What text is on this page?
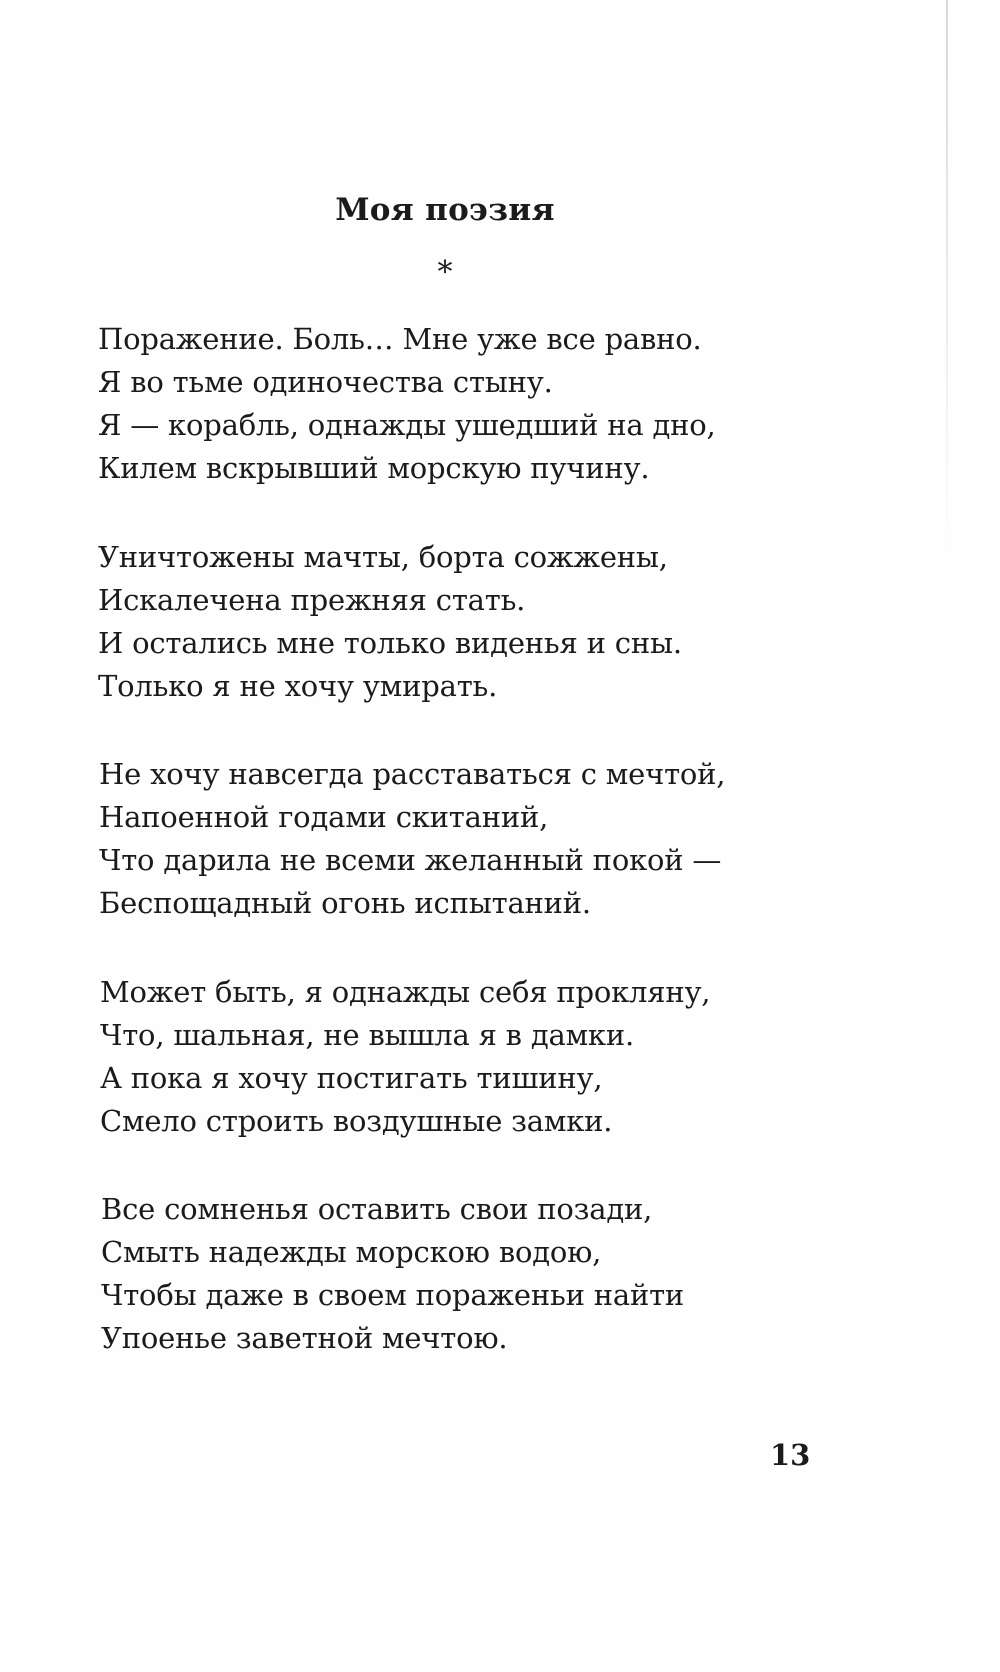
Моя поэзия
*
Поражение. Боль… Мне уже все равно.
Я во тьме одиночества стыну.
Я — корабль, однажды ушедший на дно,
Килем вскрывший морскую пучину.
Уничтожены мачты, борта сожжены,
Искалечена прежняя стать.
И остались мне только виденья и сны.
Только я не хочу умирать.
Не хочу навсегда расставаться с мечтой,
Напоенной годами скитаний,
Что дарила не всеми желанный покой —
Беспощадный огонь испытаний.
Может быть, я однажды себя прокляну,
Что, шальная, не вышла я в дамки.
А пока я хочу постигать тишину,
Смело строить воздушные замки.
Все сомненья оставить свои позади,
Смыть надежды морскою водою,
Чтобы даже в своем пораженьи найти
Упоенье заветной мечтою.
13
